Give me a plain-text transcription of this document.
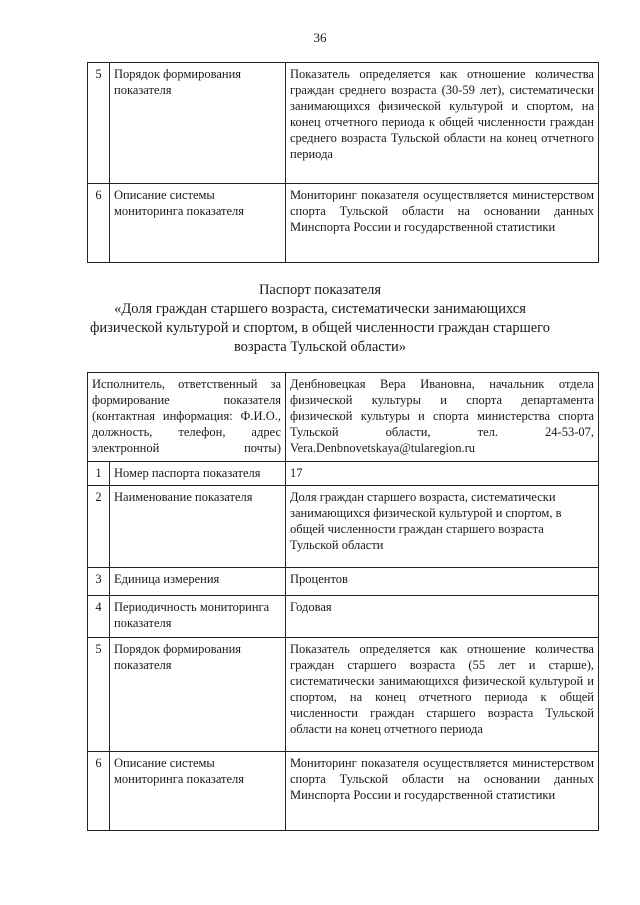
36
5	Порядок формирования показателя	Показатель определяется как отношение количества граждан среднего возраста (30-59 лет), систематически занимающихся физической культурой и спортом, на конец отчетного периода к общей численности граждан среднего возраста Тульской области на конец отчетного периода
6	Описание системы мониторинга показателя	Мониторинг показателя осуществляется министерством спорта Тульской области на основании данных Минспорта России и государственной статистики
Паспорт показателя
«Доля граждан старшего возраста, систематически занимающихся
физической культурой и спортом, в общей численности граждан старшего
возраста Тульской области»
Исполнитель, ответственный за формирование показателя (контактная информация: Ф.И.О., должность, телефон, адрес электронной почты)		Денбновецкая Вера Ивановна, начальник отдела физической культуры и спорта департамента физической культуры и спорта министерства спорта Тульской области, тел. 24-53-07, Vera.Denbnovetskaya@tularegion.ru
1	Номер паспорта показателя	17
2	Наименование показателя	Доля граждан старшего возраста, систематически занимающихся физической культурой и спортом, в общей численности граждан старшего возраста Тульской области
3	Единица измерения	Процентов
4	Периодичность мониторинга показателя	Годовая
5	Порядок формирования показателя	Показатель определяется как отношение количества граждан старшего возраста (55 лет и старше), систематически занимающихся физической культурой и спортом, на конец отчетного периода к общей численности граждан старшего возраста Тульской области на конец отчетного периода
6	Описание системы мониторинга показателя	Мониторинг показателя осуществляется министерством спорта Тульской области на основании данных Минспорта России и государственной статистики
